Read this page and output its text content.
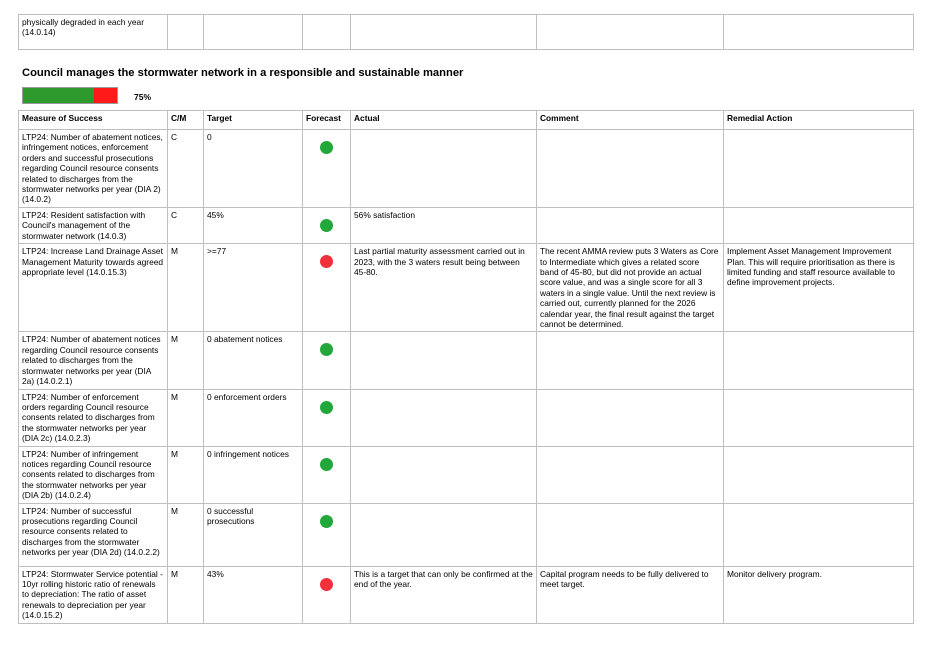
physically degraded in each year
(14.0.14)

Council manages the stormwater network in a responsible and sustainable manner
75%
Measure of Success	C/M	Target	Forecast	Actual	Comment	Remedial Action

LTP24: Number of abatement notices, infringement notices, enforcement orders and successful prosecutions regarding Council resource consents related to discharges from the stormwater networks per year (DIA 2) (14.0.2)	C	0				

LTP24: Resident satisfaction with Council's management of the stormwater network (14.0.3)	C	45%		56% satisfaction		

LTP24: Increase Land Drainage Asset Management Maturity towards agreed appropriate level (14.0.15.3)	M	>=77		Last partial maturity assessment carried out in 2023, with the 3 waters result being between 45-80.	The recent AMMA review puts 3 Waters as Core to Intermediate which gives a related score band of 45-80, but did not provide an actual score value, and was a single score for all 3 waters in a single value. Until the next review is carried out, currently planned for the 2026 calendar year, the final result against the target cannot be determined.	Implement Asset Management Improvement Plan. This will require prioritisation as there is limited funding and staff resource available to define improvement projects.

LTP24: Number of abatement notices regarding Council resource consents related to discharges from the stormwater networks per year (DIA 2a) (14.0.2.1)	M	0 abatement notices				

LTP24: Number of enforcement orders regarding Council resource consents related to discharges from the stormwater networks per year (DIA 2c) (14.0.2.3)	M	0 enforcement orders				

LTP24: Number of infringement notices regarding Council resource consents related to discharges from the stormwater networks per year (DIA 2b) (14.0.2.4)	M	0 infringement notices				

LTP24: Number of successful prosecutions regarding Council resource consents related to discharges from the stormwater networks per year (DIA 2d) (14.0.2.2)	M	0 successful prosecutions				

LTP24: Stormwater Service potential - 10yr rolling historic ratio of renewals to depreciation: The ratio of asset renewals to depreciation per year (14.0.15.2)	M	43%		This is a target that can only be confirmed at the end of the year.	Capital program needs to be fully delivered to meet target.	Monitor delivery program.
